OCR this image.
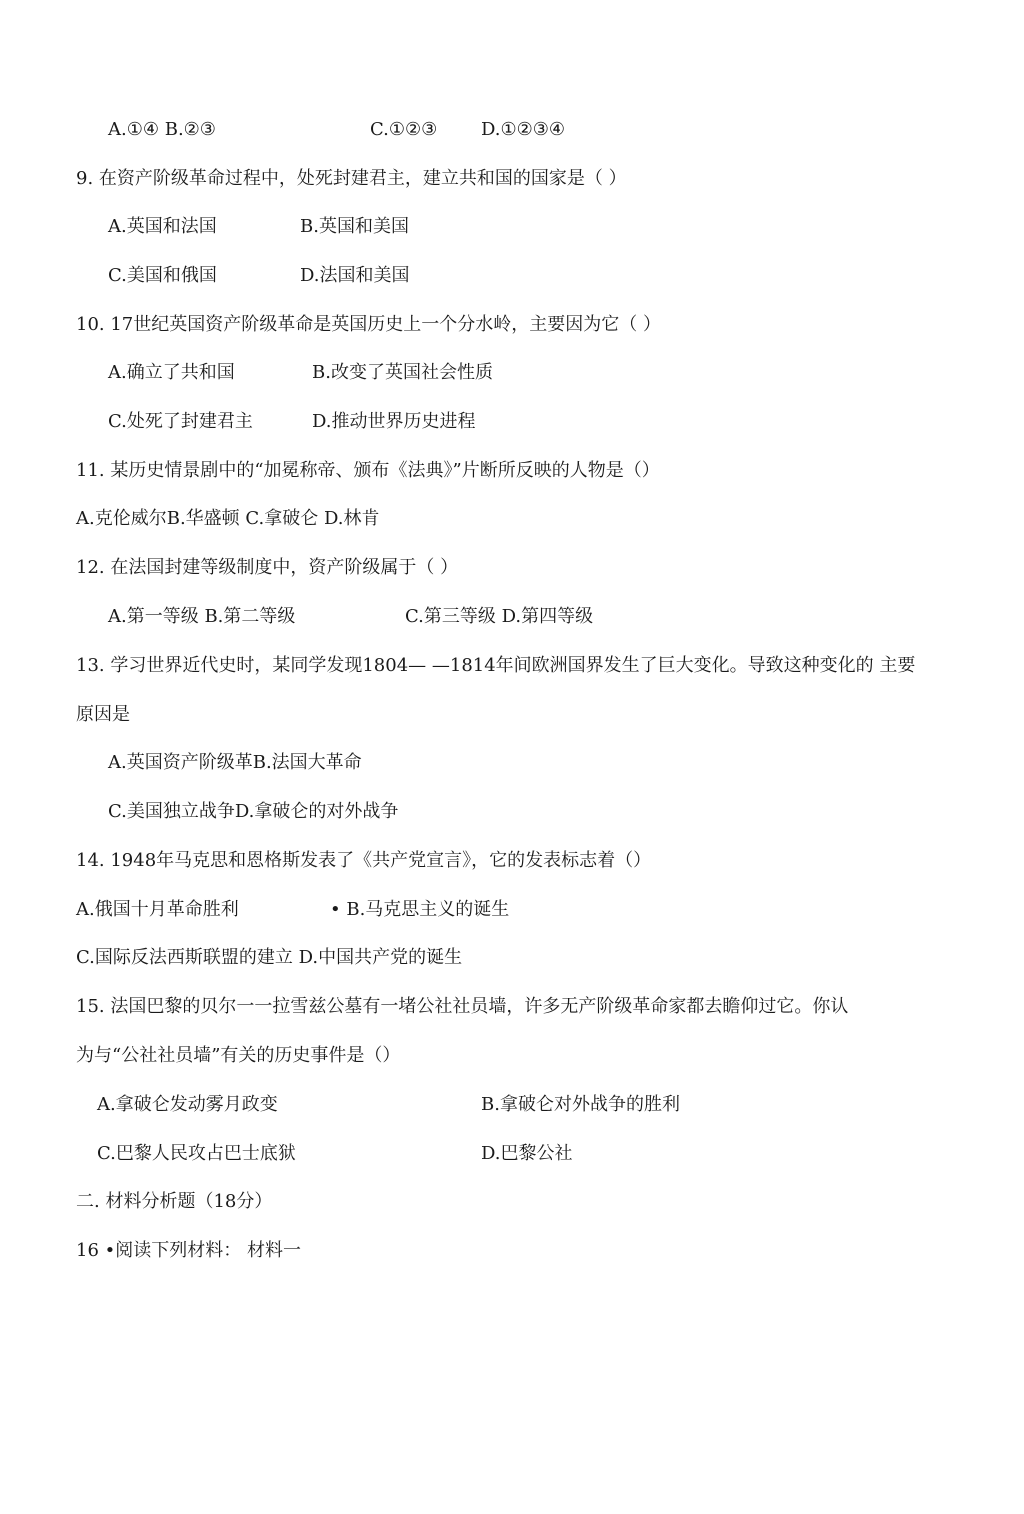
A.①④ B.②③	C.①②③ D.①②③④
9. 在资产阶级革命过程中，处死封建君主，建立共和国的国家是（ ）
A.英国和法国	B.英国和美国
C.美国和俄国	D.法国和美国
10. 17世纪英国资产阶级革命是英国历史上一个分水岭，主要因为它（ ）
A.确立了共和国	B.改变了英国社会性质
C.处死了封建君主	D.推动世界历史进程
11. 某历史情景剧中的“加冕称帝、颁布《法典》”片断所反映的人物是（）
A.克伦威尔B.华盛顿 C.拿破仑 D.林肯
12. 在法国封建等级制度中，资产阶级属于（ ）
A.第一等级 B.第二等级	C.第三等级 D.第四等级
13. 学习世界近代史时，某同学发现1804— —1814年间欧洲国界发生了巨大变化。导致这种变化的 主要
原因是
A.英国资产阶级革B.法国大革命
C.美国独立战争D.拿破仑的对外战争
14. 1948年马克思和恩格斯发表了《共产党宣言》，它的发表标志着（）
A.俄国十月革命胜利	• B.马克思主义的诞生
C.国际反法西斯联盟的建立 D.中国共产党的诞生
15. 法国巴黎的贝尔一一拉雪兹公墓有一堵公社社员墙，许多无产阶级革命家都去瞻仰过它。你认
为与“公社社员墙”有关的历史事件是（）
A.拿破仑发动雾月政变	B.拿破仑对外战争的胜利
C.巴黎人民攻占巴士底狱	D.巴黎公社
二. 材料分析题（18分）
16 •阅读下列材料： 材料一
